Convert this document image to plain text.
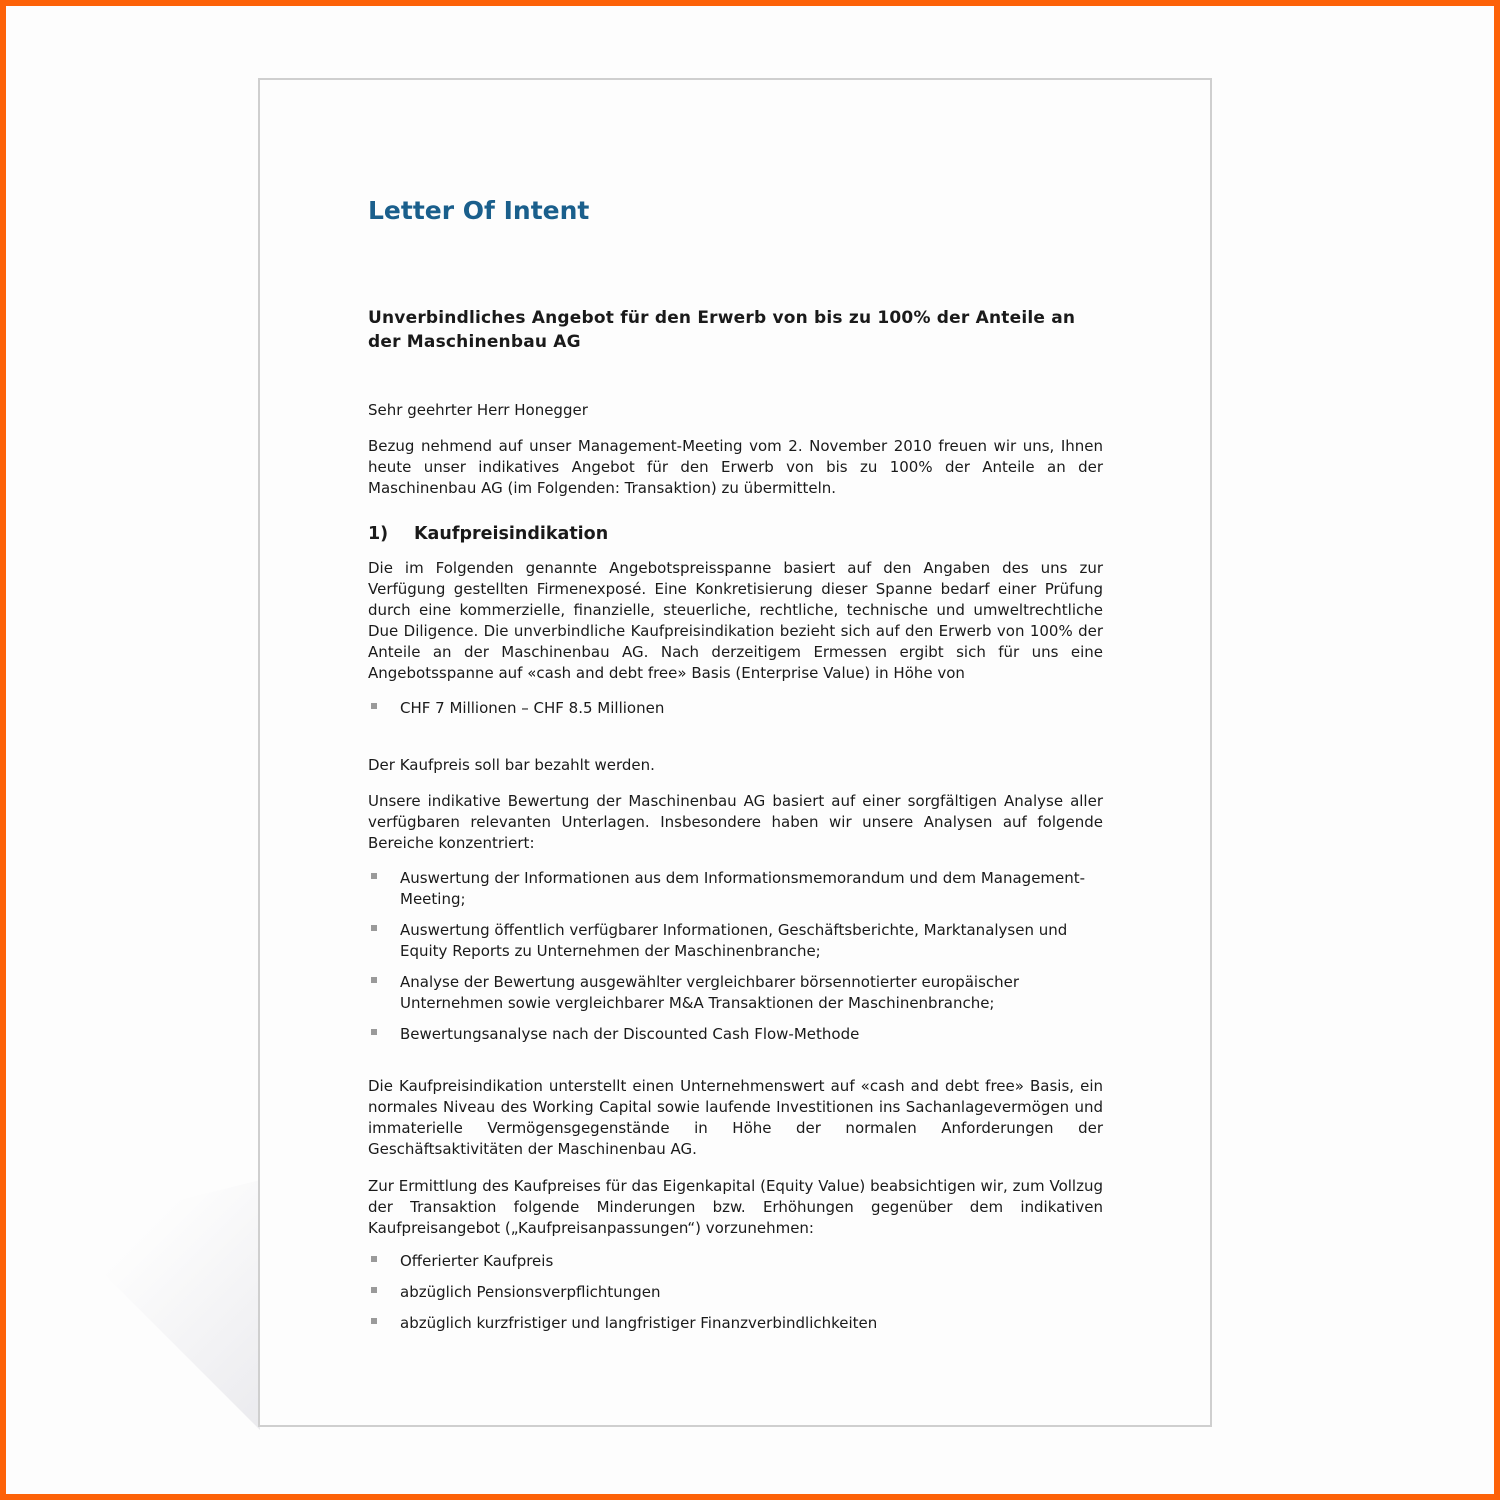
Letter Of Intent
Unverbindliches Angebot für den Erwerb von bis zu 100% der Anteile an der Maschinenbau AG
Sehr geehrter Herr Honegger
Bezug nehmend auf unser Management-Meeting vom 2. November 2010 freuen wir uns, Ihnen heute unser indikatives Angebot für den Erwerb von bis zu 100% der Anteile an der Maschinenbau AG (im Folgenden: Transaktion) zu übermitteln.
1) Kaufpreisindikation
Die im Folgenden genannte Angebotspreisspanne basiert auf den Angaben des uns zur Verfügung gestellten Firmenexposé. Eine Konkretisierung dieser Spanne bedarf einer Prüfung durch eine kommerzielle, finanzielle, steuerliche, rechtliche, technische und umweltrechtliche Due Diligence. Die unverbindliche Kaufpreisindikation bezieht sich auf den Erwerb von 100% der Anteile an der Maschinenbau AG. Nach derzeitigem Ermessen ergibt sich für uns eine Angebotsspanne auf «cash and debt free» Basis (Enterprise Value) in Höhe von
CHF 7 Millionen – CHF 8.5 Millionen
Der Kaufpreis soll bar bezahlt werden.
Unsere indikative Bewertung der Maschinenbau AG basiert auf einer sorgfältigen Analyse aller verfügbaren relevanten Unterlagen. Insbesondere haben wir unsere Analysen auf folgende Bereiche konzentriert:
Auswertung der Informationen aus dem Informationsmemorandum und dem Management-Meeting;
Auswertung öffentlich verfügbarer Informationen, Geschäftsberichte, Marktanalysen und Equity Reports zu Unternehmen der Maschinenbranche;
Analyse der Bewertung ausgewählter vergleichbarer börsennotierter europäischer Unternehmen sowie vergleichbarer M&A Transaktionen der Maschinenbranche;
Bewertungsanalyse nach der Discounted Cash Flow-Methode
Die Kaufpreisindikation unterstellt einen Unternehmenswert auf «cash and debt free» Basis, ein normales Niveau des Working Capital sowie laufende Investitionen ins Sachanlagevermögen und immaterielle Vermögensgegenstände in Höhe der normalen Anforderungen der Geschäftsaktivitäten der Maschinenbau AG.
Zur Ermittlung des Kaufpreises für das Eigenkapital (Equity Value) beabsichtigen wir, zum Vollzug der Transaktion folgende Minderungen bzw. Erhöhungen gegenüber dem indikativen Kaufpreisangebot („Kaufpreisanpassungen“) vorzunehmen:
Offerierter Kaufpreis
abzüglich Pensionsverpflichtungen
abzüglich kurzfristiger und langfristiger Finanzverbindlichkeiten
